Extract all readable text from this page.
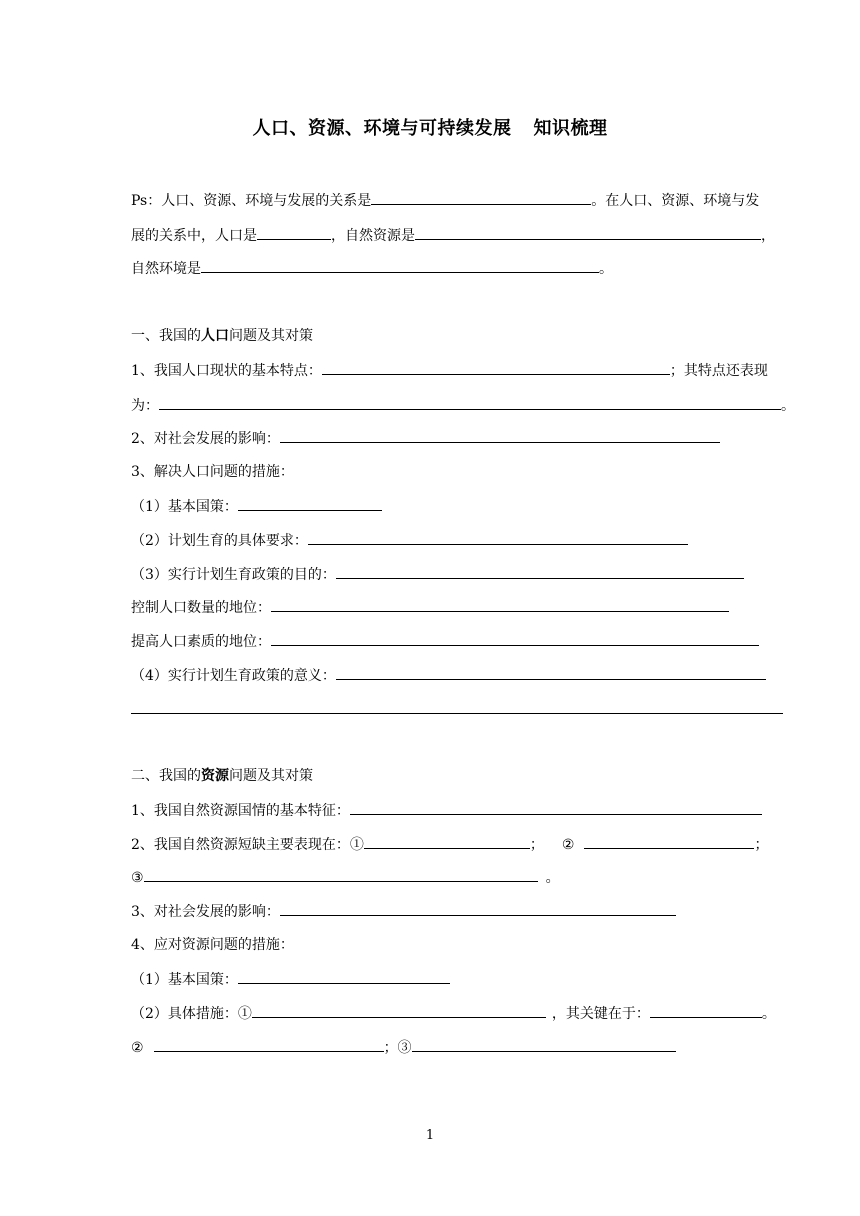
人口、资源、环境与可持续发展 知识梳理
Ps：人口、资源、环境与发展的关系是	。在人口、资源、环境与发
展的关系中，人口是	，自然资源是	，
自然环境是	。
一、我国的人口问题及其对策
1、我国人口现状的基本特点：	；其特点还表现
为：	。
2、对社会发展的影响：
3、解决人口问题的措施：
（1）基本国策：
（2）计划生育的具体要求：
（3）实行计划生育政策的目的：
控制人口数量的地位：
提高人口素质的地位：
（4）实行计划生育政策的意义：
二、我国的资源问题及其对策
1、我国自然资源国情的基本特征：
2、我国自然资源短缺主要表现在：①	； ②	；
③	。
3、对社会发展的影响：
4、应对资源问题的措施：
（1）基本国策：
（2）具体措施：①	，其关键在于：	。
②	；③
1
